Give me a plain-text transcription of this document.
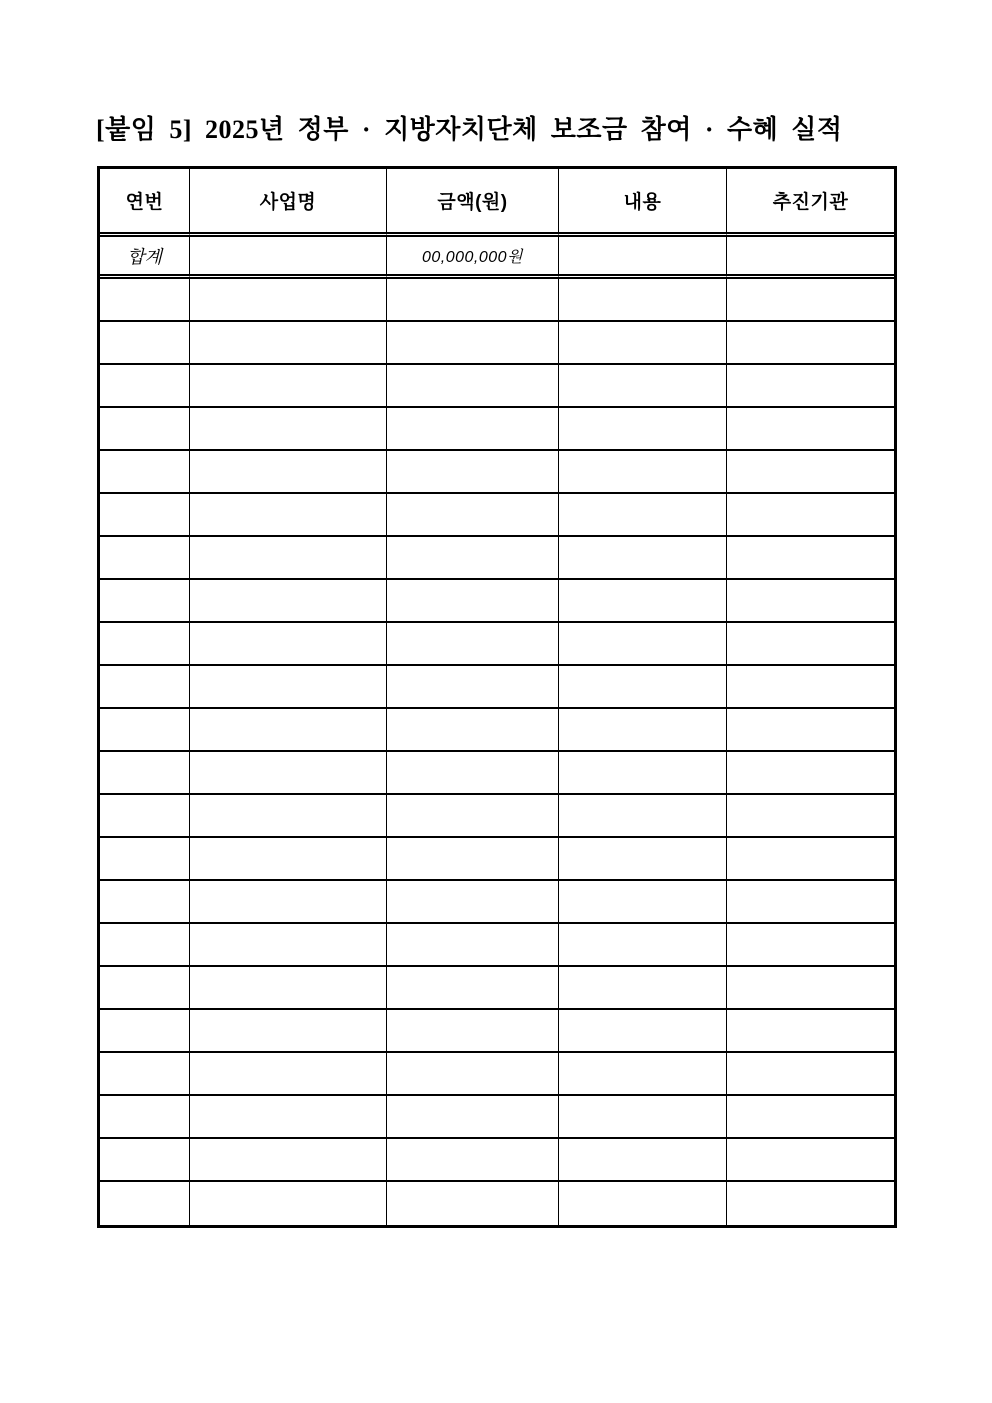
[붙임 5] 2025년 정부 · 지방자치단체 보조금 참여 · 수혜 실적
연번	사업명	금액(원)	내용	추진기관
합계		00,000,000원		
